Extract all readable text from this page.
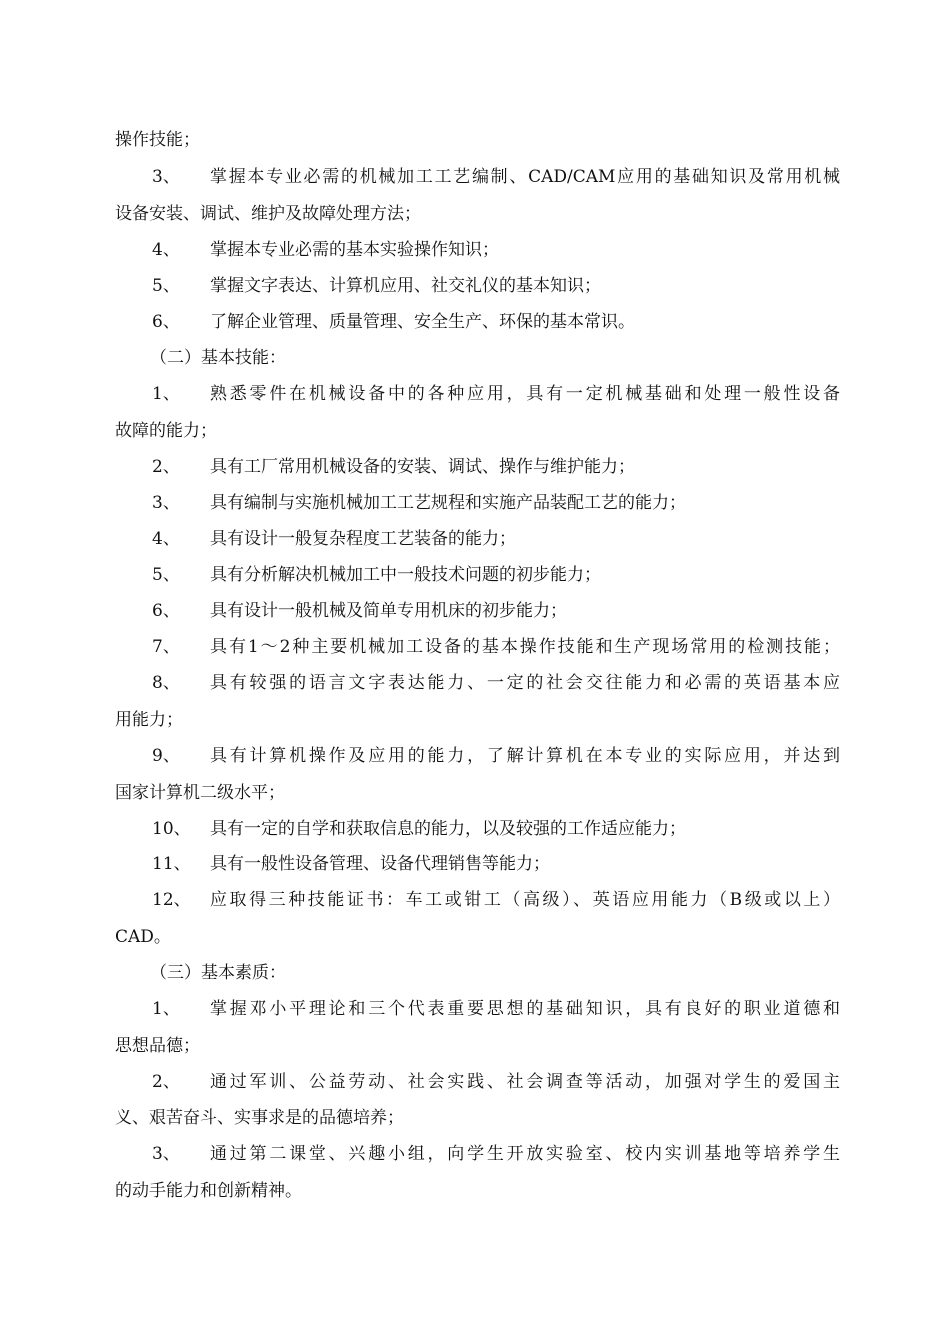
操作技能；
3、	掌握本专业必需的机械加工工艺编制、CAD/CAM应用的基础知识及常用机械
设备安装、调试、维护及故障处理方法；
4、	掌握本专业必需的基本实验操作知识；
5、	掌握文字表达、计算机应用、社交礼仪的基本知识；
6、	了解企业管理、质量管理、安全生产、环保的基本常识。
（二）基本技能：
1、	熟悉零件在机械设备中的各种应用，具有一定机械基础和处理一般性设备
故障的能力；
2、	具有工厂常用机械设备的安装、调试、操作与维护能力；
3、	具有编制与实施机械加工工艺规程和实施产品装配工艺的能力；
4、	具有设计一般复杂程度工艺装备的能力；
5、	具有分析解决机械加工中一般技术问题的初步能力；
6、	具有设计一般机械及简单专用机床的初步能力；
7、	具有1～2种主要机械加工设备的基本操作技能和生产现场常用的检测技能；
8、	具有较强的语言文字表达能力、一定的社会交往能力和必需的英语基本应
用能力；
9、	具有计算机操作及应用的能力，了解计算机在本专业的实际应用，并达到
国家计算机二级水平；
10、	具有一定的自学和获取信息的能力，以及较强的工作适应能力；
11、	具有一般性设备管理、设备代理销售等能力；
12、	应取得三种技能证书：车工或钳工（高级）、英语应用能力（B级或以上）
CAD。
（三）基本素质：
1、	掌握邓小平理论和三个代表重要思想的基础知识，具有良好的职业道德和
思想品德；
2、	通过军训、公益劳动、社会实践、社会调查等活动，加强对学生的爱国主
义、艰苦奋斗、实事求是的品德培养；
3、	通过第二课堂、兴趣小组，向学生开放实验室、校内实训基地等培养学生
的动手能力和创新精神。
